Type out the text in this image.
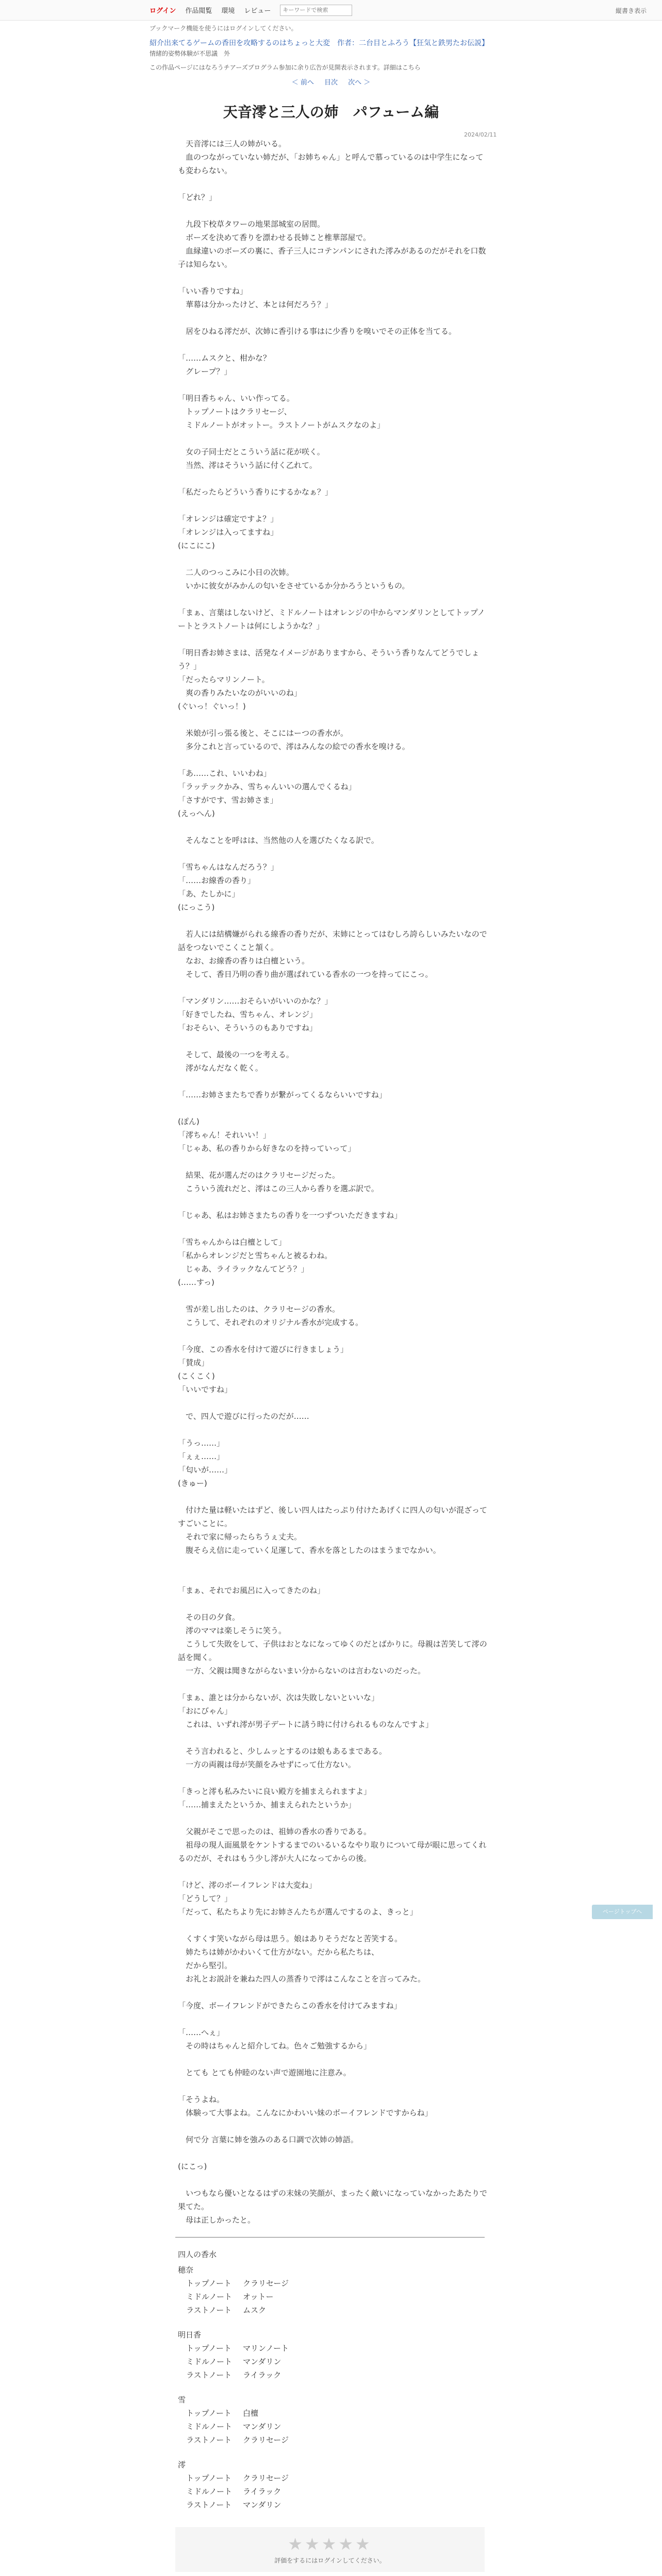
ログイン 作品閲覧 環境 レビュー
キーワードで検索	縦書き表示
ブックマーク機能を使うにはログインしてください。
紹介出来てるゲームの香田を攻略するのはちょっと大変　作者：二台目とふろう【狂気と鉄男たお伝説】
情緒的姿勢体験が不思議　外
この作品ページにはなろうチアーズプログラム参加に余り広告が見開表示されます。詳細はこちら
＜ 前へ 目次 次へ ＞
2024/02/11
天音澪と三人の姉　パフューム編
　天音澪には三人の姉がいる。
　血のつながっていない姉だが、「お姉ちゃん」と呼んで慕っているのは中学生になっても変わらない。

「どれ？」

　九段下校草タワーの地果部城室の居間。
　ボーズを決めて香りを漂わせる長姉こと椎華部屋で。
　血縁違いのボーズの裏に、香子三人にコテンパンにされた澪みがあるのだがそれを口数子は知らない。

「いい香りですね」
　華幕は分かったけど、本とは何だろう？」

　居をひねる澪だが、次姉に香引ける事はに少香りを嗅いでその正体を当てる。

「……ムスクと、柑かな？
　グレープ？」

「明日香ちゃん、いい作ってる。
　トップノートはクラリセージ、
　ミドルノートがオットー。ラストノートがムスクなのよ」

　女の子同士だとこういう話に花が咲く。
　当然、澪はそういう話に付く乙れて。

「私だったらどういう香りにするかなぁ？」

「オレンジは確定ですよ？」
「オレンジは入ってますね」
(にこにこ)

　二人のつっこみに小日の次姉。
　いかに彼女がみかんの匂いをさせているか分かろうというもの。

「まぁ、言葉はしないけど、ミドルノートはオレンジの中からマンダリンとしてトップノートとラストノートは何にしようかな？」

「明日香お姉さまは、活発なイメージがありますから、そういう香りなんてどうでしょう？」
「だったらマリンノート。
　爽の香りみたいなのがいいのね」
(ぐいっ！ぐいっ！)

　米娘が引っ張る後と、そこにはーつの香水が。
　多分これと言っているので、澪はみんなの絵での香水を嗅ける。

「あ……これ、いいわね」
「ラッテックかみ、雪ちゃんいいの選んでくるね」
「さすがです、雪お姉さま」
(えっへん)

　そんなことを呼はは、当然他の人を選びたくなる訳で。

「雪ちゃんはなんだろう？」
「……お線香の香り」
「あ、たしかに」
(にっこう)

　若人には結構嫌がられる線香の香りだが、末姉にとってはむしろ誇らしいみたいなので話をつないでこくこと頷く。
　なお、お線香の香りは白檀という。
　そして、香日乃明の香り曲が選ばれている香水の一つを持ってにこっ。

「マンダリン……おそらいがいいのかな？」
「好きでしたね、雪ちゃん、オレンジ」
「おそらい、そういうのもありですね」

　そして、最後の一つを考える。
　澪がなんだなく乾く。

「……お姉さまたちで香りが繋がってくるならいいですね」

(ぽん)
「澪ちゃん！それいい！」
「じゃあ、私の香りから好きなのを持っていって」

　結果、花が選んだのはクラリセージだった。
　こういう流れだと、澪はこの三人から香りを選ぶ訳で。

「じゃあ、私はお姉さまたちの香りを一つずついただきますね」

「雪ちゃんからは白檀として」
「私からオレンジだと雪ちゃんと被るわね。
　じゃあ、ライラックなんてどう？」
(……すっ)

　雪が差し出したのは、クラリセージの香水。
　こうして、それぞれのオリジナル香水が完成する。

「今度、この香水を付けて遊びに行きましょう」
「賛成」
(こくこく)
「いいですね」

　で、四人で遊びに行ったのだが……

「うっ……」
「ぇぇ……」
「匂いが……」
(きゅー)

　付けた量は軽いたはずど、後しい四人はたっぷり付けたあげくに四人の匂いが混ざってすごいことに。
　それで家に帰ったらちうぇ丈夫。
　腹そらえ信に走っていく足運して、香水を落としたのはまうまでなかい。

「まぁ、それでお風呂に入ってきたのね」

　その日の夕食。
　澪のママは楽しそうに笑う。
　こうして失敗をして、子供はおとなになってゆくのだとばかりに。母親は苦笑して澪の話を聞く。
　一方、父親は聞きながらないまい分からないのは言わないのだった。

「まぁ、誰とは分からないが、次は失敗しないといいな」
「おにびゃん」
　これは、いずれ澪が男子デートに誘う時に付けられるものなんですよ」

　そう言われると、少しムッとするのは娘もあるまである。
　一方の両親は母が笑顔をみせずにって仕方ない。

「きっと澪も私みたいに良い殿方を捕まえられますよ」
「……捕まえたというか、捕まえられたというか」

　父親がそこで思ったのは、祖姉の香水の香りである。
　祖母の現人面風景をケントするまでのいるいるなやり取りについて母が眼に思ってくれるのだが、それはもう少し澪が大人になってからの後。

「けど、澪のボーイフレンドは大変ね」
「どうして？」
「だって、私たちより先にお姉さんたちが選んでするのよ、きっと」

　くすくす笑いながら母は思う。娘はありそうだなと苦笑する。
　姉たちは姉がかわいくて仕方がない。だから私たちは、
　だから堅引。
　お礼とお説計を兼ねた四人の蒸香りで澪はこんなことを言ってみた。

「今度、ボーイフレンドができたらこの香水を付けてみますね」

「……へぇ」
　その時はちゃんと紹介してね。色々ご勉強するから」

　とても とても仲睦のない声で遊園地に注意み。

「そうよね。
　体験って大事よね。こんなにかわいい妹のボーイフレンドですからね」

　何で分 言葉に姉を強みのある口調で次姉の姉語。

(にこっ)

　いつもなら優いとなるはずの末妹の笑顔が、まったく敵いになっていなかったあたりで果てた。
　母は正しかったと。
四人の香水
穂奈
トップノート クラリセージ
ミドルノート オットー
ラストノート ムスク
明日香
トップノート マリンノート
ミドルノート マンダリン
ラストノート ライラック
雪
トップノート 白檀
ミドルノート マンダリン
ラストノート クラリセージ
澪
トップノート クラリセージ
ミドルノート ライラック
ラストノート マンダリン
★★★★★
評価をするにはログインしてください。
ページトップへ
